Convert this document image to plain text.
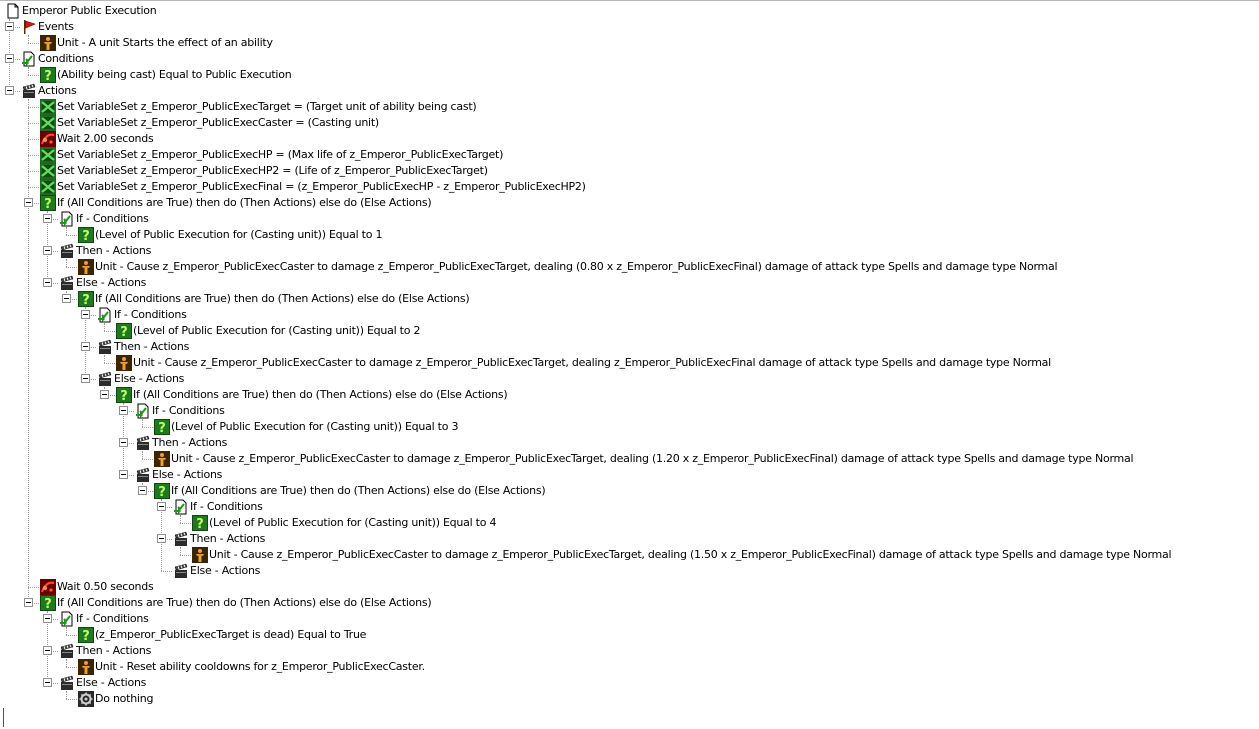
Emperor Public Execution
Events
Unit - A unit Starts the effect of an ability
Conditions
? (Ability being cast) Equal to Public Execution
Actions
Set VariableSet z_Emperor_PublicExecTarget = (Target unit of ability being cast)
Set VariableSet z_Emperor_PublicExecCaster = (Casting unit)
Wait 2.00 seconds
Set VariableSet z_Emperor_PublicExecHP = (Max life of z_Emperor_PublicExecTarget)
Set VariableSet z_Emperor_PublicExecHP2 = (Life of z_Emperor_PublicExecTarget)
Set VariableSet z_Emperor_PublicExecFinal = (z_Emperor_PublicExecHP - z_Emperor_PublicExecHP2)
? If (All Conditions are True) then do (Then Actions) else do (Else Actions)
If - Conditions
? (Level of Public Execution for (Casting unit)) Equal to 1
Then - Actions
Unit - Cause z_Emperor_PublicExecCaster to damage z_Emperor_PublicExecTarget, dealing (0.80 x z_Emperor_PublicExecFinal) damage of attack type Spells and damage type Normal
Else - Actions
? If (All Conditions are True) then do (Then Actions) else do (Else Actions)
If - Conditions
? (Level of Public Execution for (Casting unit)) Equal to 2
Then - Actions
Unit - Cause z_Emperor_PublicExecCaster to damage z_Emperor_PublicExecTarget, dealing z_Emperor_PublicExecFinal damage of attack type Spells and damage type Normal
Else - Actions
? If (All Conditions are True) then do (Then Actions) else do (Else Actions)
If - Conditions
? (Level of Public Execution for (Casting unit)) Equal to 3
Then - Actions
Unit - Cause z_Emperor_PublicExecCaster to damage z_Emperor_PublicExecTarget, dealing (1.20 x z_Emperor_PublicExecFinal) damage of attack type Spells and damage type Normal
Else - Actions
? If (All Conditions are True) then do (Then Actions) else do (Else Actions)
If - Conditions
? (Level of Public Execution for (Casting unit)) Equal to 4
Then - Actions
Unit - Cause z_Emperor_PublicExecCaster to damage z_Emperor_PublicExecTarget, dealing (1.50 x z_Emperor_PublicExecFinal) damage of attack type Spells and damage type Normal
Else - Actions
Wait 0.50 seconds
? If (All Conditions are True) then do (Then Actions) else do (Else Actions)
If - Conditions
? (z_Emperor_PublicExecTarget is dead) Equal to True
Then - Actions
Unit - Reset ability cooldowns for z_Emperor_PublicExecCaster.
Else - Actions
Do nothing
